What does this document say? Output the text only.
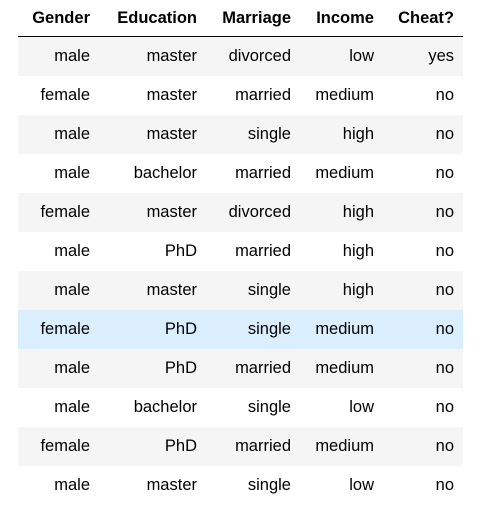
Gender	Education	Marriage	Income	Cheat?
male	master	divorced	low	yes
female	master	married	medium	no
male	master	single	high	no
male	bachelor	married	medium	no
female	master	divorced	high	no
male	PhD	married	high	no
male	master	single	high	no
female	PhD	single	medium	no
male	PhD	married	medium	no
male	bachelor	single	low	no
female	PhD	married	medium	no
male	master	single	low	no
